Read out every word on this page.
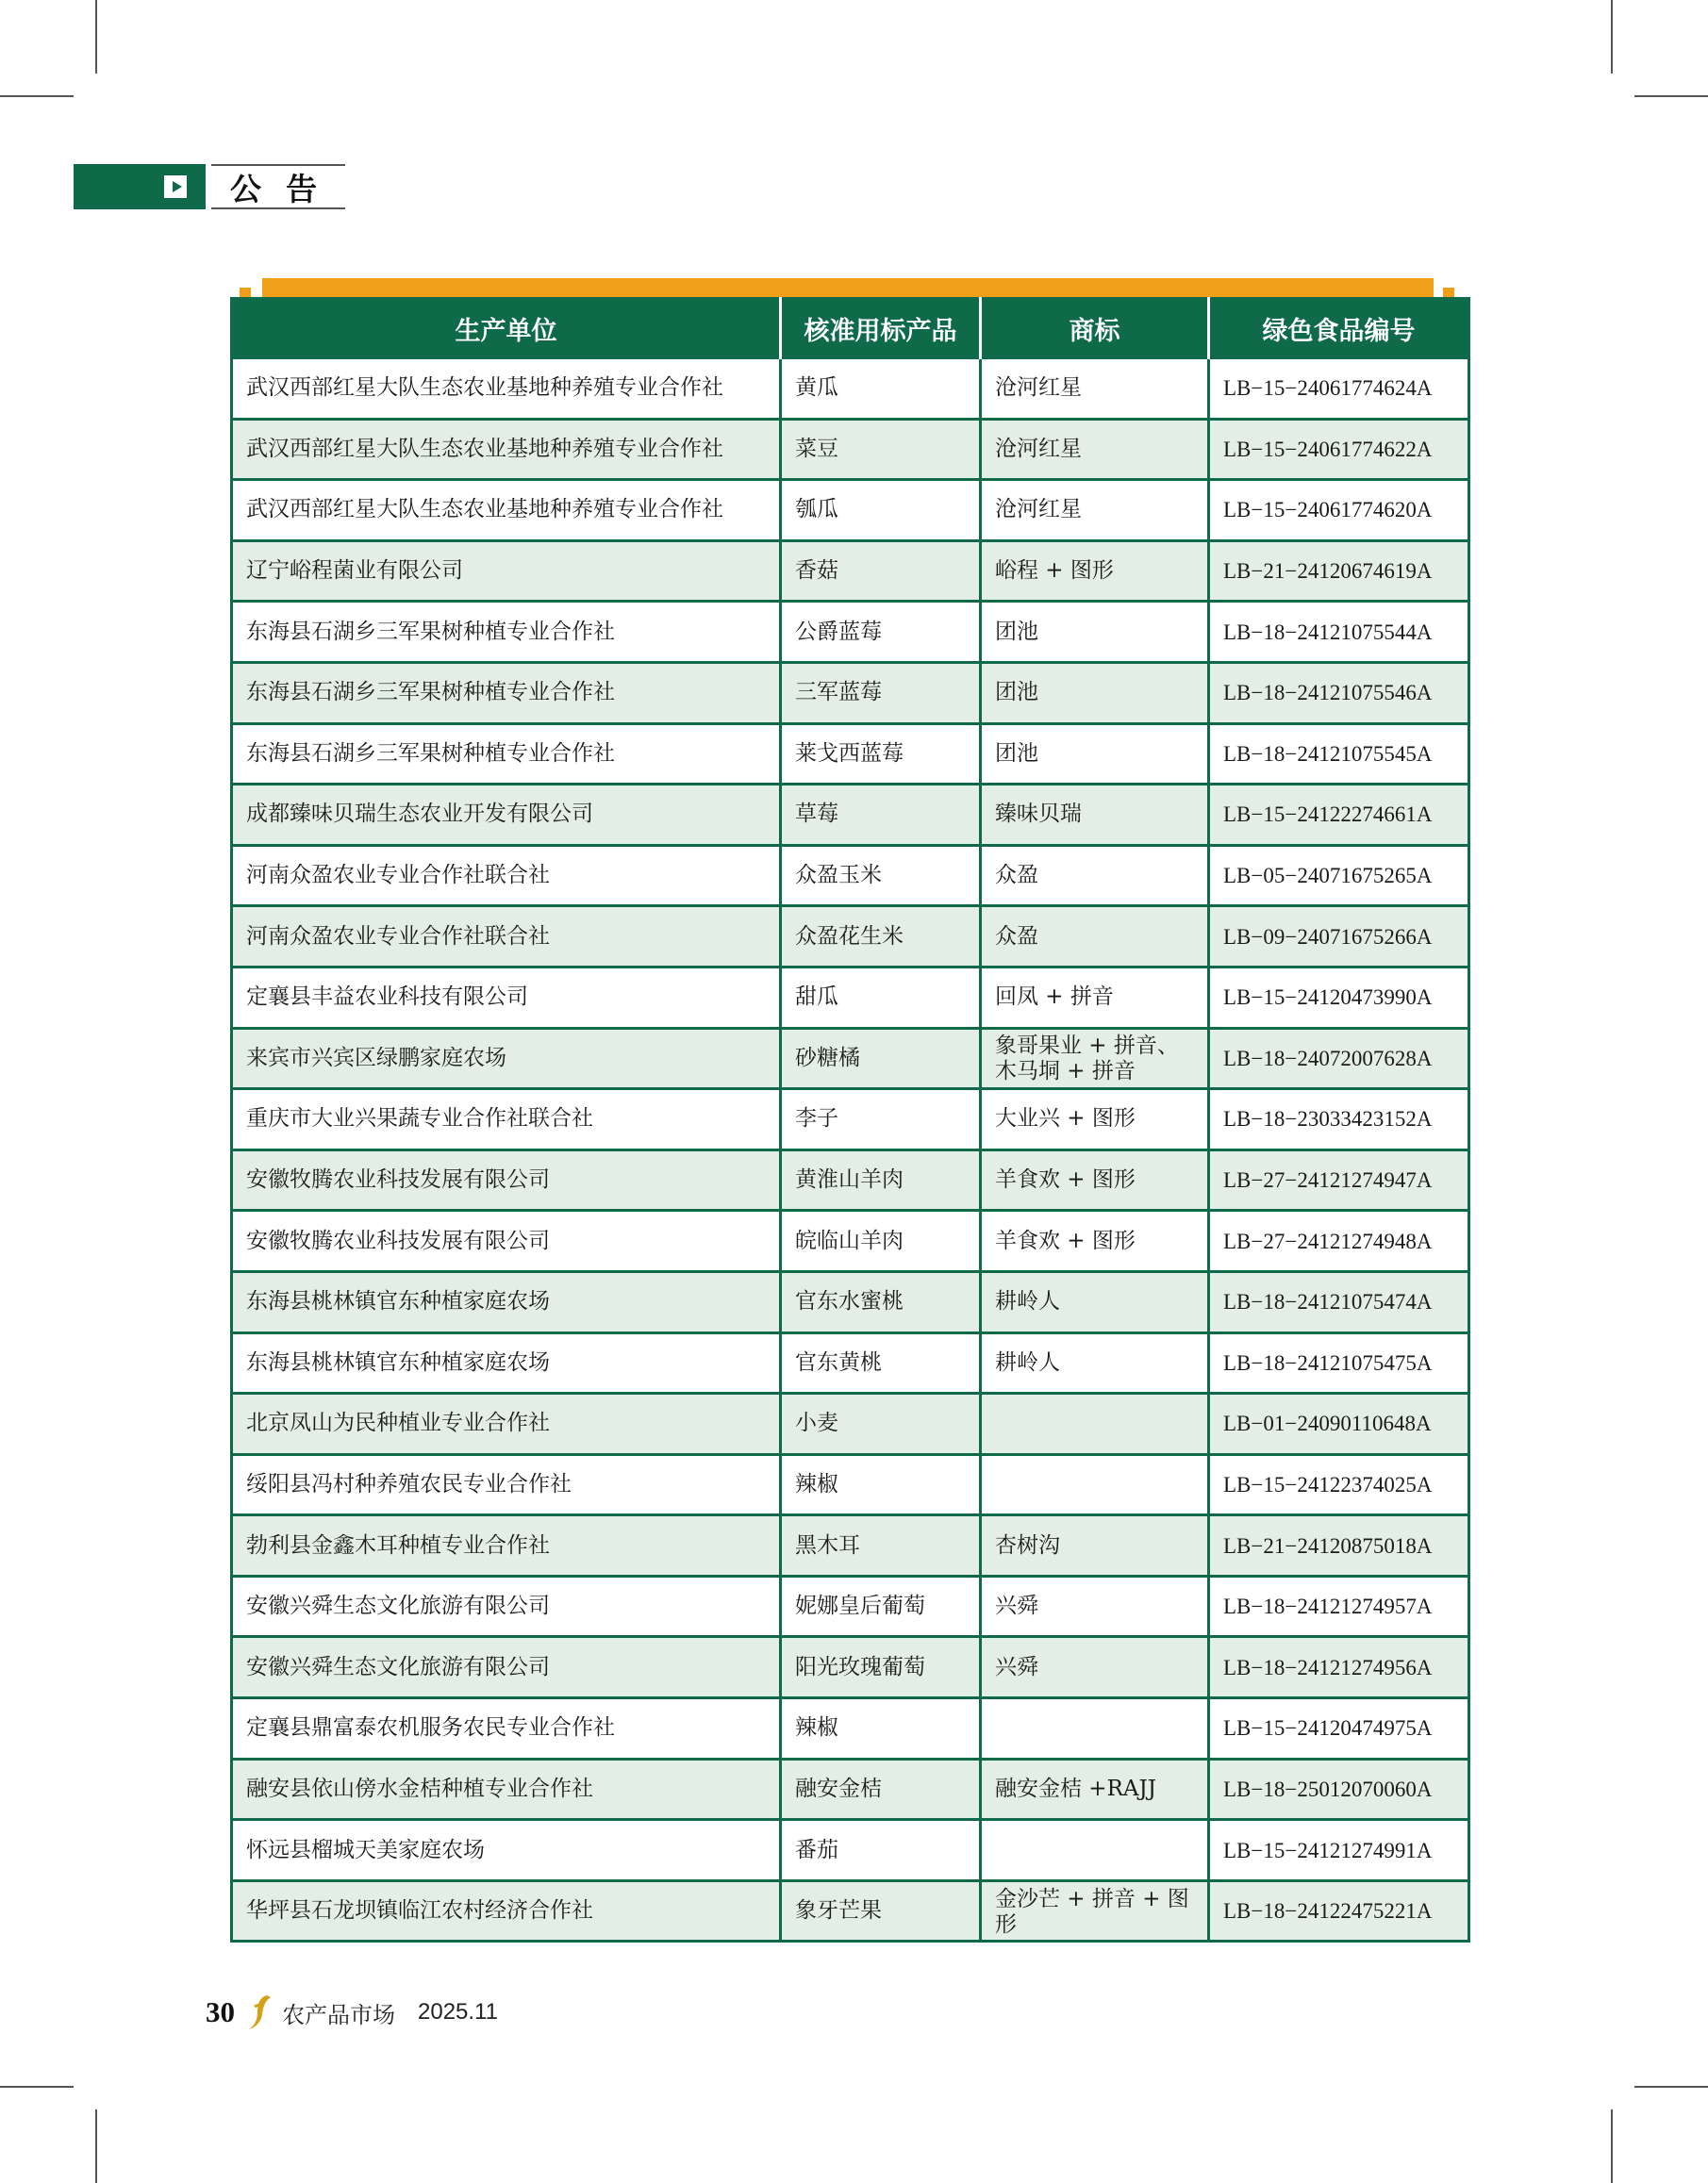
公告
生产单位	核准用标产品	商标	绿色食品编号
武汉西部红星大队生态农业基地种养殖专业合作社	黄瓜	沧河红星	LB−15−24061774624A
武汉西部红星大队生态农业基地种养殖专业合作社	菜豆	沧河红星	LB−15−24061774622A
武汉西部红星大队生态农业基地种养殖专业合作社	瓠瓜	沧河红星	LB−15−24061774620A
辽宁峪程菌业有限公司	香菇	峪程 + 图形	LB−21−24120674619A
东海县石湖乡三军果树种植专业合作社	公爵蓝莓	团池	LB−18−24121075544A
东海县石湖乡三军果树种植专业合作社	三军蓝莓	团池	LB−18−24121075546A
东海县石湖乡三军果树种植专业合作社	莱戈西蓝莓	团池	LB−18−24121075545A
成都臻味贝瑞生态农业开发有限公司	草莓	臻味贝瑞	LB−15−24122274661A
河南众盈农业专业合作社联合社	众盈玉米	众盈	LB−05−24071675265A
河南众盈农业专业合作社联合社	众盈花生米	众盈	LB−09−24071675266A
定襄县丰益农业科技有限公司	甜瓜	回凤 + 拼音	LB−15−24120473990A
来宾市兴宾区绿鹏家庭农场	砂糖橘	象哥果业 + 拼音、木马垌 + 拼音	LB−18−24072007628A
重庆市大业兴果蔬专业合作社联合社	李子	大业兴 + 图形	LB−18−23033423152A
安徽牧腾农业科技发展有限公司	黄淮山羊肉	羊食欢 + 图形	LB−27−24121274947A
安徽牧腾农业科技发展有限公司	皖临山羊肉	羊食欢 + 图形	LB−27−24121274948A
东海县桃林镇官东种植家庭农场	官东水蜜桃	耕岭人	LB−18−24121075474A
东海县桃林镇官东种植家庭农场	官东黄桃	耕岭人	LB−18−24121075475A
北京凤山为民种植业专业合作社	小麦		LB−01−24090110648A
绥阳县冯村种养殖农民专业合作社	辣椒		LB−15−24122374025A
勃利县金鑫木耳种植专业合作社	黑木耳	杏树沟	LB−21−24120875018A
安徽兴舜生态文化旅游有限公司	妮娜皇后葡萄	兴舜	LB−18−24121274957A
安徽兴舜生态文化旅游有限公司	阳光玫瑰葡萄	兴舜	LB−18−24121274956A
定襄县鼎富泰农机服务农民专业合作社	辣椒		LB−15−24120474975A
融安县依山傍水金桔种植专业合作社	融安金桔	融安金桔 +RAJJ	LB−18−25012070060A
怀远县榴城天美家庭农场	番茄		LB−15−24121274991A
华坪县石龙坝镇临江农村经济合作社	象牙芒果	金沙芒 + 拼音 + 图形	LB−18−24122475221A
30 农产品市场 2025.11
